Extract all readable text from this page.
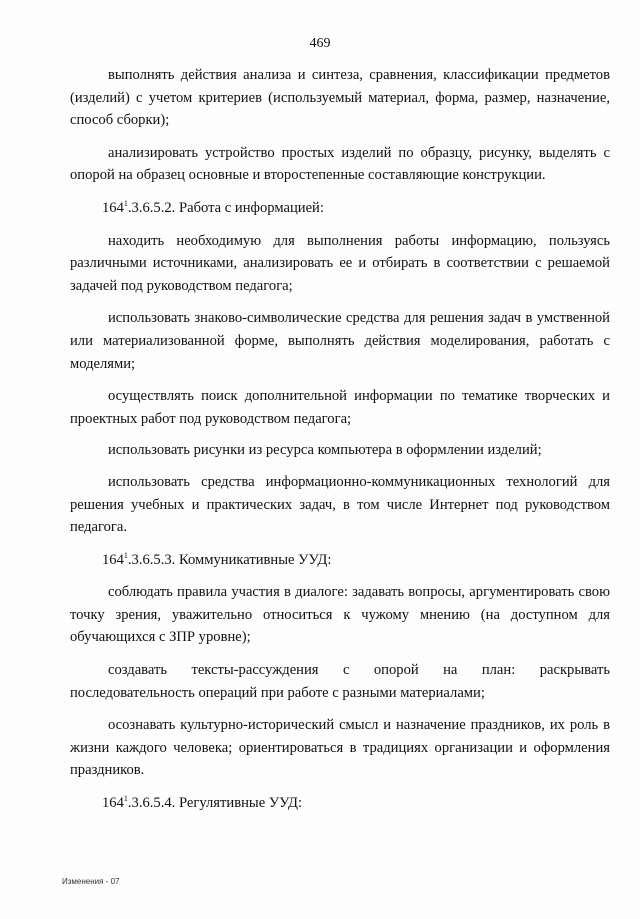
469

выполнять действия анализа и синтеза, сравнения, классификации предметов (изделий) с учетом критериев (используемый материал, форма, размер, назначение, способ сборки);

анализировать устройство простых изделий по образцу, рисунку, выделять с опорой на образец основные и второстепенные составляющие конструкции.

$164^1.3.6.5.2$. Работа с информацией:

находить необходимую для выполнения работы информацию, пользуясь различными источниками, анализировать ее и отбирать в соответствии с решаемой задачей под руководством педагога;

использовать знаково-символические средства для решения задач в умственной или материализованной форме, выполнять действия моделирования, работать с моделями;

осуществлять поиск дополнительной информации по тематике творческих и проектных работ под руководством педагога;

использовать рисунки из ресурса компьютера в оформлении изделий;

использовать средства информационно-коммуникационных технологий для решения учебных и практических задач, в том числе Интернет под руководством педагога.

$164^1.3.6.5.3$. Коммуникативные УУД:

соблюдать правила участия в диалоге: задавать вопросы, аргументировать свою точку зрения, уважительно относиться к чужому мнению (на доступном для обучающихся с ЗПР уровне);

создавать тексты-рассуждения с опорой на план: раскрывать последовательность операций при работе с разными материалами;

осознавать культурно-исторический смысл и назначение праздников, их роль в жизни каждого человека; ориентироваться в традициях организации и оформления праздников.

$164^1.3.6.5.4$. Регулятивные УУД:

Изменения - 07
